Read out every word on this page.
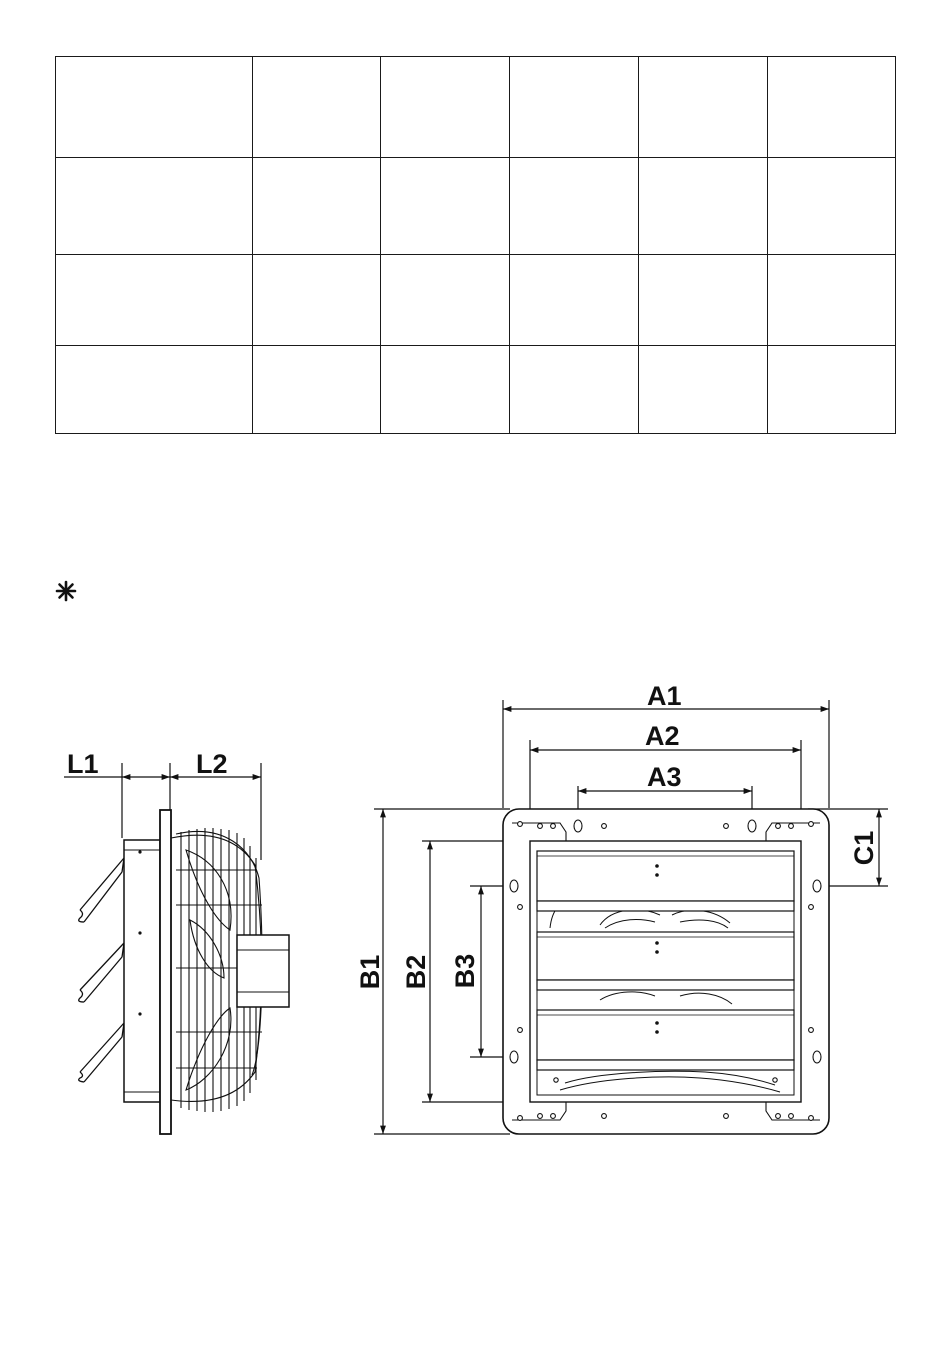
L1	L2
A1
A2
A3
B1 B2 B3
C1
